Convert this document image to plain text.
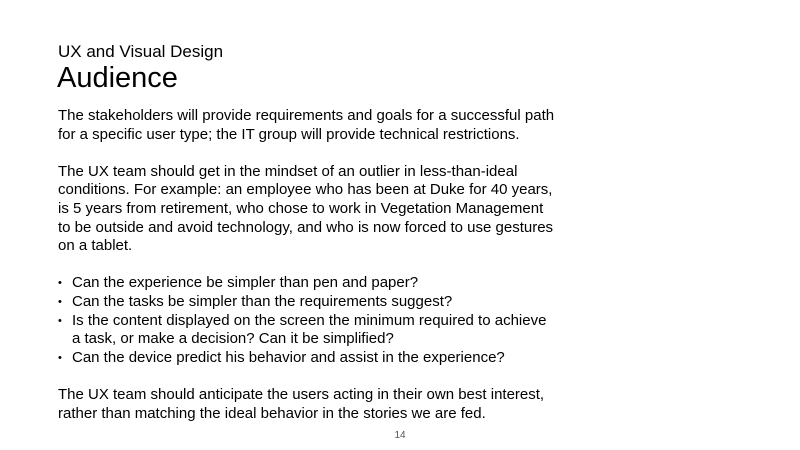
UX and Visual Design
Audience
The stakeholders will provide requirements and goals for a successful path
for a specific user type; the IT group will provide technical restrictions.
The UX team should get in the mindset of an outlier in less-than-ideal
conditions. For example: an employee who has been at Duke for 40 years,
is 5 years from retirement, who chose to work in Vegetation Management
to be outside and avoid technology, and who is now forced to use gestures
on a tablet.
• Can the experience be simpler than pen and paper?
• Can the tasks be simpler than the requirements suggest?
• Is the content displayed on the screen the minimum required to achieve
a task, or make a decision? Can it be simplified?
• Can the device predict his behavior and assist in the experience?
The UX team should anticipate the users acting in their own best interest,
rather than matching the ideal behavior in the stories we are fed.
14
